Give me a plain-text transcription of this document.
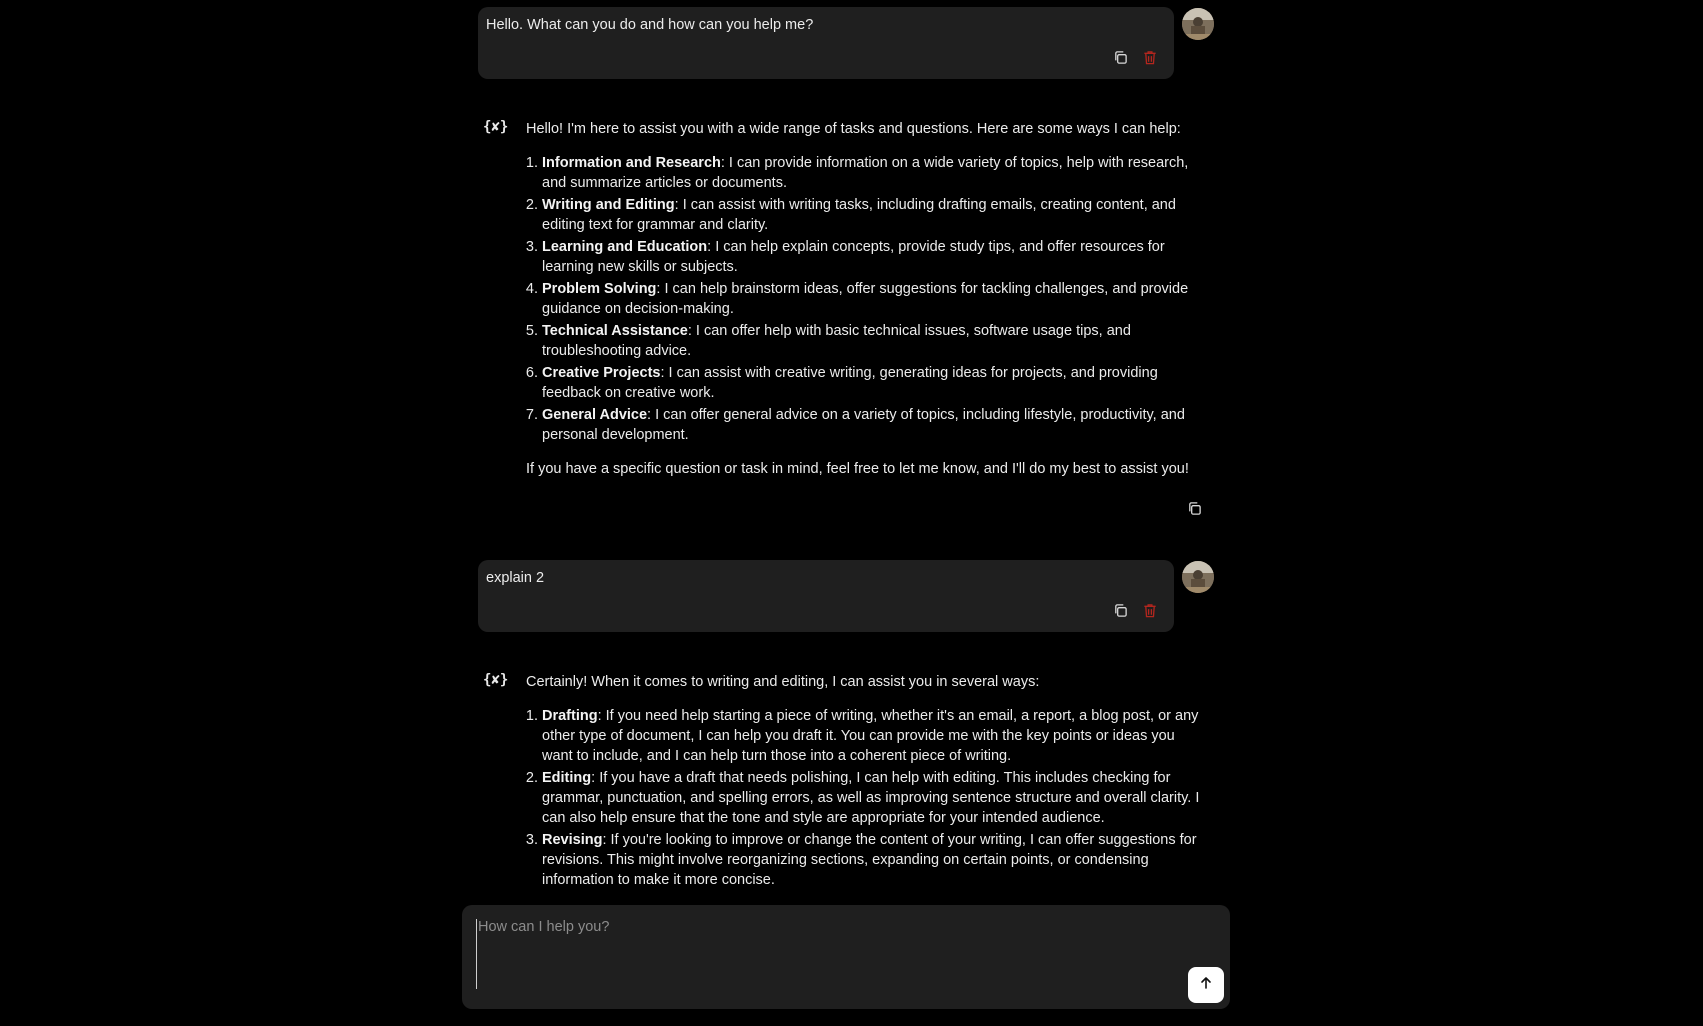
Hello. What can you do and how can you help me?
{✘} Hello! I'm here to assist you with a wide range of tasks and questions. Here are some ways I can help:

1. Information and Research: I can provide information on a wide variety of topics, help with research, and summarize articles or documents.
2. Writing and Editing: I can assist with writing tasks, including drafting emails, creating content, and editing text for grammar and clarity.
3. Learning and Education: I can help explain concepts, provide study tips, and offer resources for learning new skills or subjects.
4. Problem Solving: I can help brainstorm ideas, offer suggestions for tackling challenges, and provide guidance on decision-making.
5. Technical Assistance: I can offer help with basic technical issues, software usage tips, and troubleshooting advice.
6. Creative Projects: I can assist with creative writing, generating ideas for projects, and providing feedback on creative work.
7. General Advice: I can offer general advice on a variety of topics, including lifestyle, productivity, and personal development.

If you have a specific question or task in mind, feel free to let me know, and I'll do my best to assist you!

explain 2
{✘} Certainly! When it comes to writing and editing, I can assist you in several ways:

1. Drafting: If you need help starting a piece of writing, whether it's an email, a report, a blog post, or any other type of document, I can help you draft it. You can provide me with the key points or ideas you want to include, and I can help turn those into a coherent piece of writing.
2. Editing: If you have a draft that needs polishing, I can help with editing. This includes checking for grammar, punctuation, and spelling errors, as well as improving sentence structure and overall clarity. I can also help ensure that the tone and style are appropriate for your intended audience.
3. Revising: If you're looking to improve or change the content of your writing, I can offer suggestions for revisions. This might involve reorganizing sections, expanding on certain points, or condensing information to make it more concise.
How can I help you?
